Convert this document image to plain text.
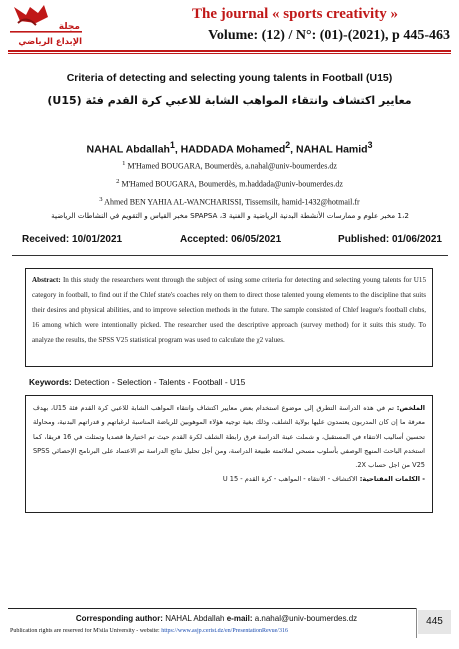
مجلة
الإبداع الرياضي
The journal « sports creativity »
Volume: (12) / N°: (01)-(2021), p 445-463
Criteria of detecting and selecting young talents in Football (U15)
معايير اكتشاف وانتقاء المواهب الشابة للاعبي كرة القدم فئة (U15)
NAHAL Abdallah$^1$, HADDADA Mohamed$^2$, NAHAL Hamid$^3$
$^1$ M'Hamed BOUGARA, Boumerdès, a.nahal@univ-boumerdes.dz
$^2$ M'Hamed BOUGARA, Boumerdès, m.haddada@univ-boumerdes.dz
$^3$ Ahmed BEN YAHIA AL-WANCHARISSI, Tissemsilt, hamid-1432@hotmail.fr
1،2 مخبر علوم و ممارسات الأنشطة البدنية الرياضية و الفنية SPAPSA ،3 مخبر القياس و التقويم في النشاطات الرياضية
Received: 10/01/2021	Accepted: 06/05/2021	Published: 01/06/2021

Abstract: In this study the researchers went through the subject of using some criteria for detecting and selecting young talents for U15 category in football, to find out if the Chlef state's coaches rely on them to direct those talented young elements to the discipline that suits their desires and physical abilities, and to improve selection methods in the future. The sample consisted of Chlef league's football clubs, 16 among which were intentionally picked. The researcher used the descriptive approach (survey method) for it suits this study. To analyze the results, the SPSS V25 statistical program was used to calculate the χ2 values.

Keywords: Detection - Selection - Talents - Football - U15

الملخص: تم في هذه الدراسة التطرق إلى موضوع استخدام بعض معايير اكتشاف وانتقاء المواهب الشابة للاعبي كرة القدم فئة U15، بهدف معرفة ما إن كان المدربون يعتمدون عليها بولاية الشلف، وذلك بغية توجيه هؤلاء الموهوبين للرياضة المناسبة لرغباتهم و قدراتهم البدنية، ومحاولة تحسين أساليب الانتقاء في المستقبل، و شملت عينة الدراسة فرق رابطة الشلف لكرة القدم حيث تم اختيارها قصديا وتمثلت في 16 فريقا، كما استخدم الباحث المنهج الوصفي بأسلوب مسحي لملائمته طبيعة الدراسة، ومن أجل تحليل نتائج الدراسة تم الاعتماد على البرنامج الإحصائي SPSS V25 من اجل حساب 2X.

- الكلمات المفتاحية: الاكتشاف - الانتقاء - المواهب - كرة القدم - U 15

Corresponding author: NAHAL Abdallah e-mail: a.nahal@univ-boumerdes.dz
Publication rights are reserved for M'sila University - website: https://www.asjp.cerist.dz/en/PresentationRevue/316
445
